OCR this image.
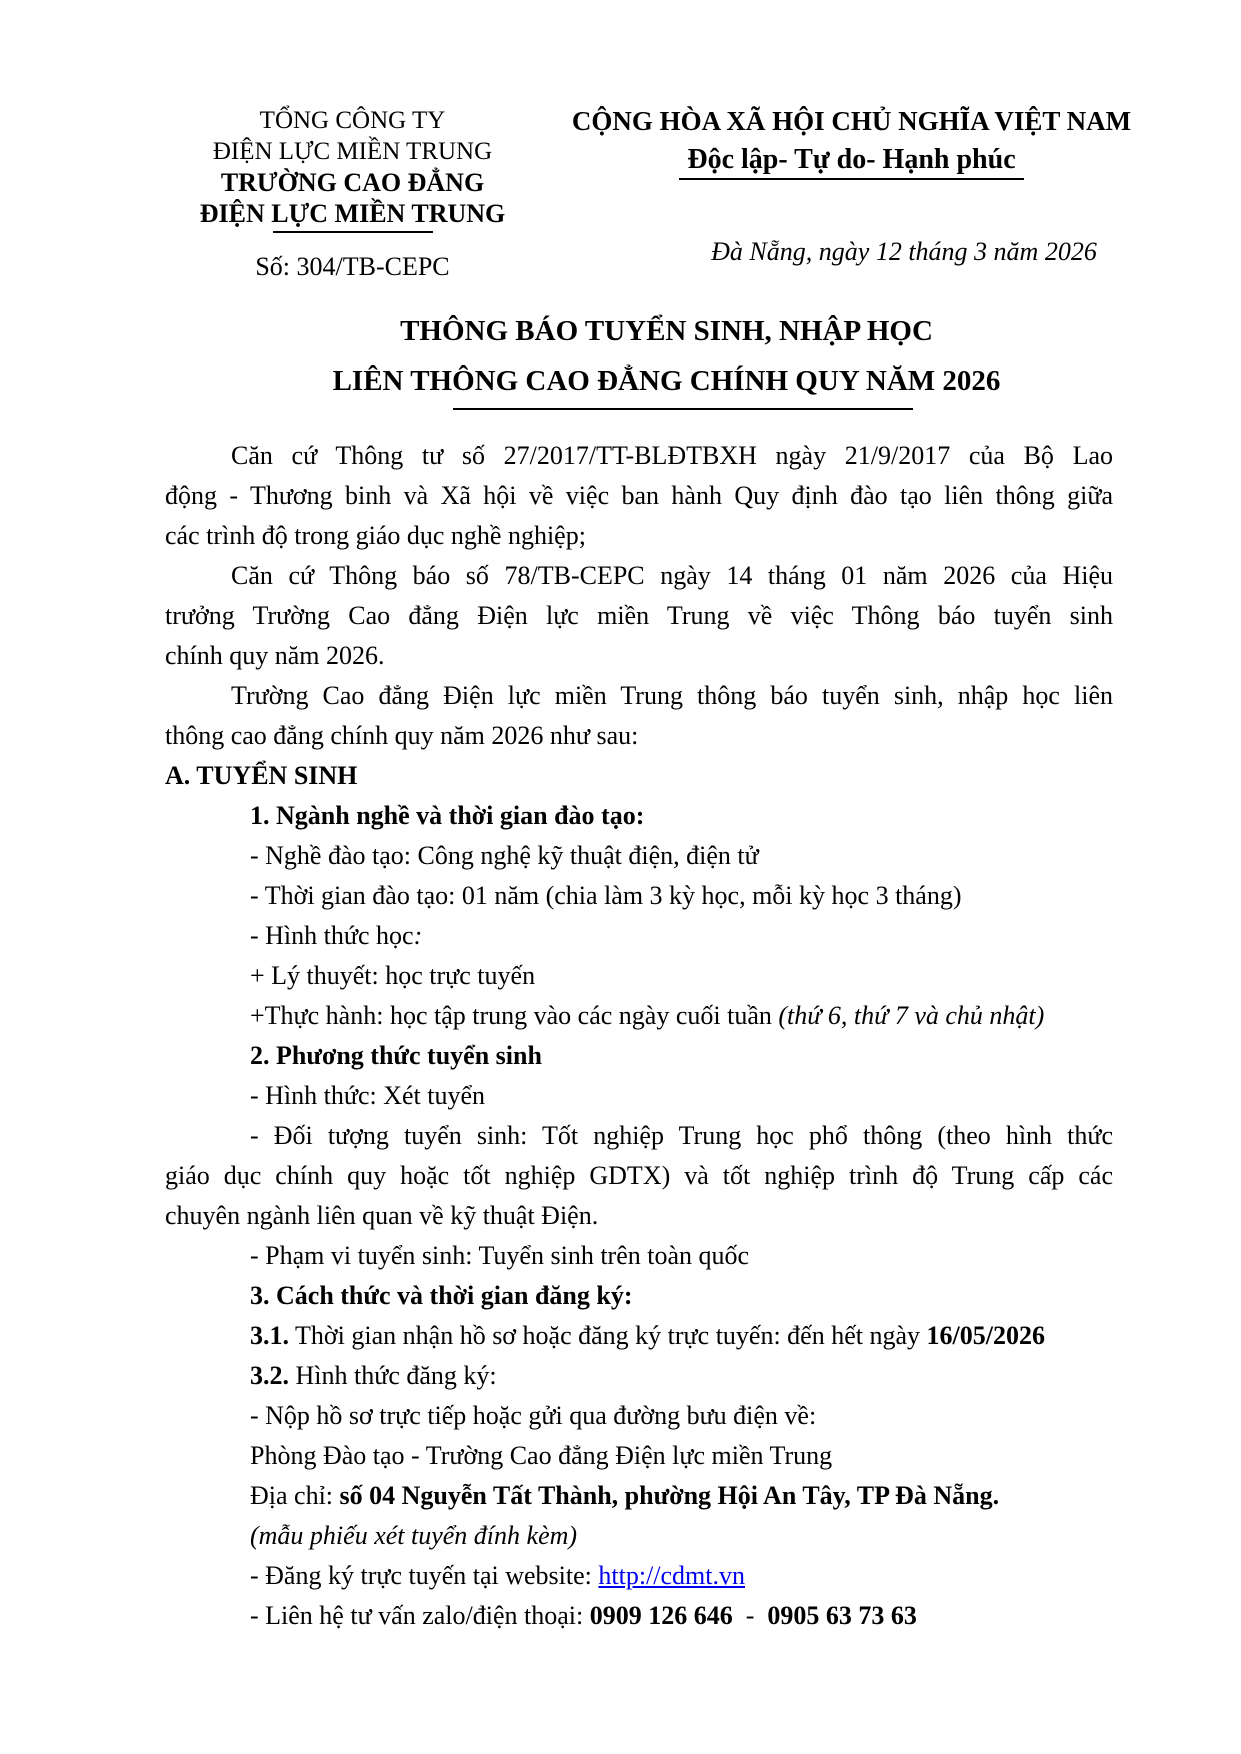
TỔNG CÔNG TY
ĐIỆN LỰC MIỀN TRUNG
TRƯỜNG CAO ĐẲNG
ĐIỆN LỰC MIỀN TRUNG
Số: 304/TB-CEPC
CỘNG HÒA XÃ HỘI CHỦ NGHĨA VIỆT NAM
Độc lập- Tự do- Hạnh phúc
Đà Nẵng, ngày 12 tháng 3 năm 2026
THÔNG BÁO TUYỂN SINH, NHẬP HỌC
LIÊN THÔNG CAO ĐẲNG CHÍNH QUY NĂM 2026
Căn cứ Thông tư số 27/2017/TT-BLĐTBXH ngày 21/9/2017 của Bộ Lao
động - Thương binh và Xã hội về việc ban hành Quy định đào tạo liên thông giữa
các trình độ trong giáo dục nghề nghiệp;
Căn cứ Thông báo số 78/TB-CEPC ngày 14 tháng 01 năm 2026 của Hiệu
trưởng Trường Cao đẳng Điện lực miền Trung về việc Thông báo tuyển sinh
chính quy năm 2026.
Trường Cao đẳng Điện lực miền Trung thông báo tuyển sinh, nhập học liên
thông cao đẳng chính quy năm 2026 như sau:
A. TUYỂN SINH
1. Ngành nghề và thời gian đào tạo:
- Nghề đào tạo: Công nghệ kỹ thuật điện, điện tử
- Thời gian đào tạo: 01 năm (chia làm 3 kỳ học, mỗi kỳ học 3 tháng)
- Hình thức học:
+ Lý thuyết: học trực tuyến
+Thực hành: học tập trung vào các ngày cuối tuần (thứ 6, thứ 7 và chủ nhật)
2. Phương thức tuyển sinh
- Hình thức: Xét tuyển
- Đối tượng tuyển sinh: Tốt nghiệp Trung học phổ thông (theo hình thức
giáo dục chính quy hoặc tốt nghiệp GDTX) và tốt nghiệp trình độ Trung cấp các
chuyên ngành liên quan về kỹ thuật Điện.
- Phạm vi tuyển sinh: Tuyển sinh trên toàn quốc
3. Cách thức và thời gian đăng ký:
3.1. Thời gian nhận hồ sơ hoặc đăng ký trực tuyến: đến hết ngày 16/05/2026
3.2. Hình thức đăng ký:
- Nộp hồ sơ trực tiếp hoặc gửi qua đường bưu điện về:
Phòng Đào tạo - Trường Cao đẳng Điện lực miền Trung
Địa chỉ: số 04 Nguyễn Tất Thành, phường Hội An Tây, TP Đà Nẵng.
(mẫu phiếu xét tuyển đính kèm)
- Đăng ký trực tuyến tại website: http://cdmt.vn
- Liên hệ tư vấn zalo/điện thoại: 0909 126 646  -  0905 63 73 63
